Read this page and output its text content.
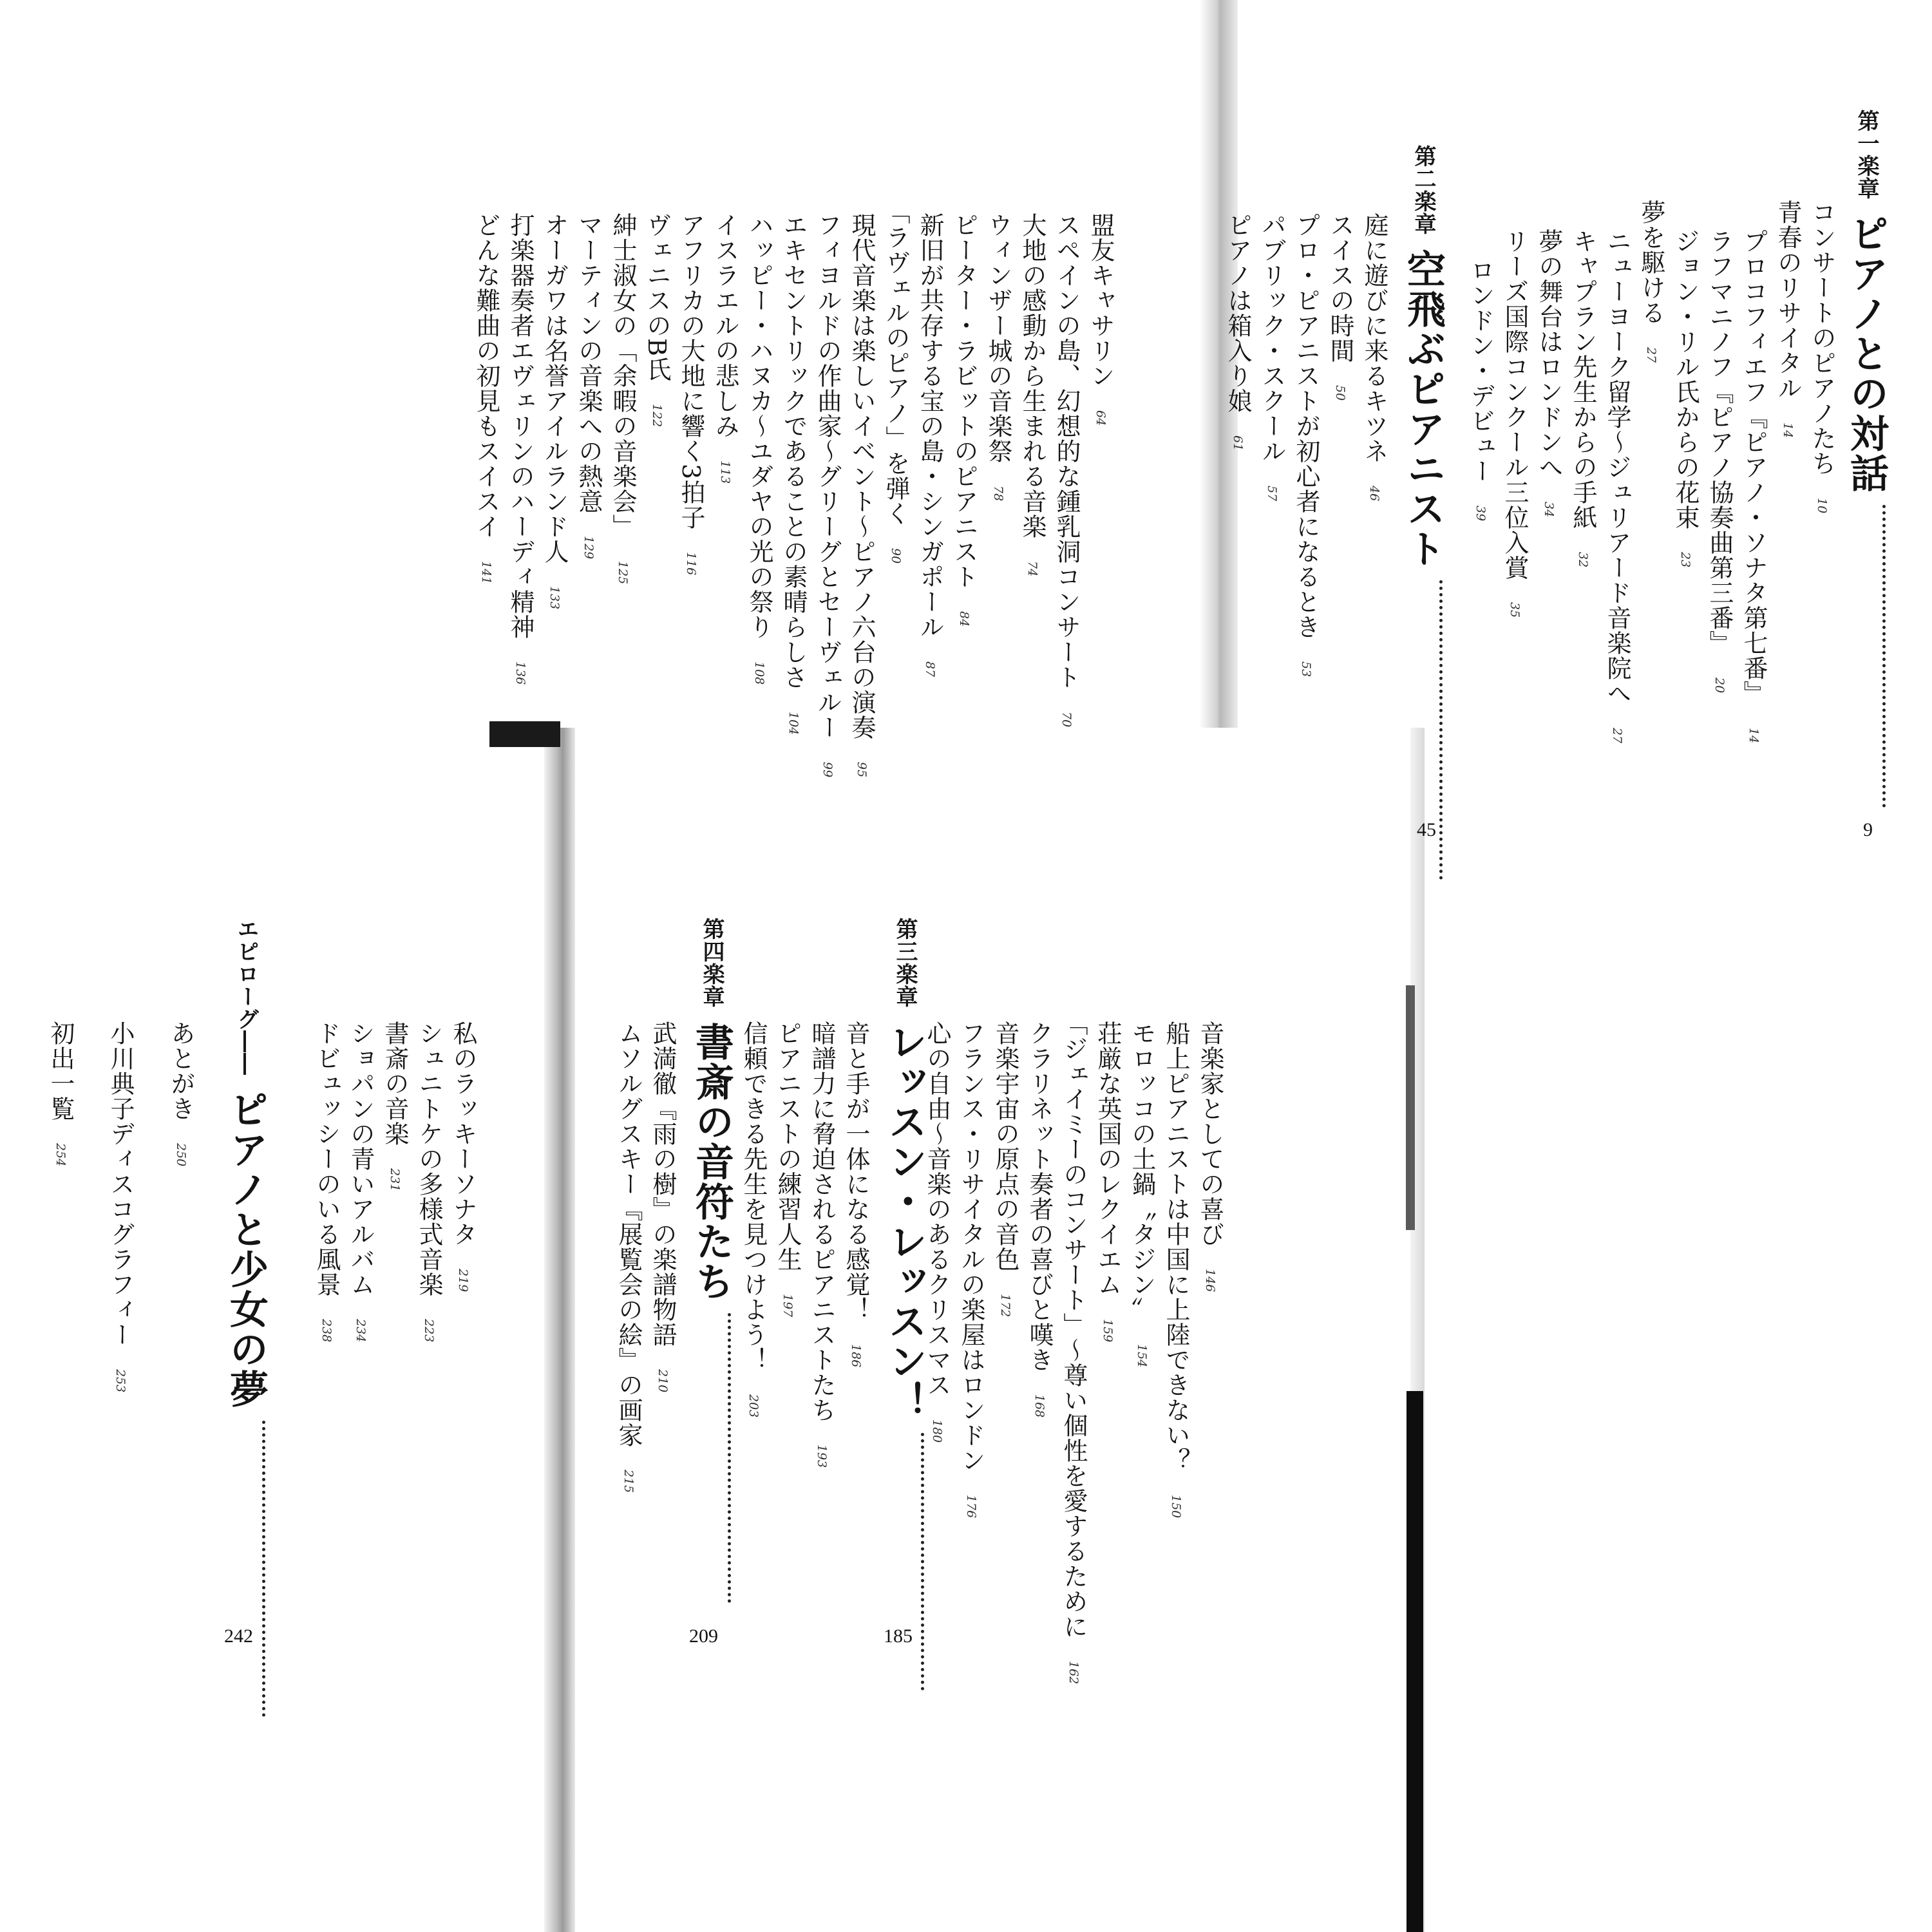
第一楽章ピアノとの対話
9
コンサートのピアノたち10
青春のリサイタル14
プロコフィエフ『ピアノ・ソナタ第七番』14
ラフマニノフ『ピアノ協奏曲第三番』20
ジョン・リル氏からの花束23
夢を駆ける27
ニューヨーク留学〜ジュリアード音楽院へ27
キャプラン先生からの手紙32
夢の舞台はロンドンへ34
リーズ国際コンクール三位入賞35
ロンドン・デビュー39
第二楽章空飛ぶピアニスト
45
庭に遊びに来るキツネ46
スイスの時間50
プロ・ピアニストが初心者になるとき53
パブリック・スクール57
ピアノは箱入り娘61
盟友キャサリン64
スペインの島、幻想的な鍾乳洞コンサート70
大地の感動から生まれる音楽74
ウィンザー城の音楽祭78
ピーター・ラビットのピアニスト84
新旧が共存する宝の島・シンガポール87
「ラヴェルのピアノ」を弾く90
現代音楽は楽しいイベント〜ピアノ六台の演奏95
フィヨルドの作曲家〜グリーグとセーヴェルー99
エキセントリックであることの素晴らしさ104
ハッピー・ハヌカ〜ユダヤの光の祭り108
イスラエルの悲しみ113
アフリカの大地に響く3拍子116
ヴェニスのB氏122
紳士淑女の「余暇の音楽会」125
マーティンの音楽への熱意129
オーガワは名誉アイルランド人133
打楽器奏者エヴェリンのハーディ精神136
どんな難曲の初見もスイスイ141
音楽家としての喜び146
船上ピアニストは中国に上陸できない？150
モロッコの土鍋〝タジン〟154
荘厳な英国のレクイエム159
「ジェイミーのコンサート」〜尊い個性を愛するために162
クラリネット奏者の喜びと嘆き168
音楽宇宙の原点の音色172
フランス・リサイタルの楽屋はロンドン176
心の自由〜音楽のあるクリスマス180
第三楽章レッスン・レッスン！
185
音と手が一体になる感覚！186
暗譜力に脅迫されるピアニストたち193
ピアニストの練習人生197
信頼できる先生を見つけよう！203
第四楽章書斎の音符たち
209
武満徹『雨の樹』の楽譜物語210
ムソルグスキー『展覧会の絵』の画家215
私のラッキーソナタ219
シュニトケの多様式音楽223
書斎の音楽231
ショパンの青いアルバム234
ドビュッシーのいる風景238
エピローグ――ピアノと少女の夢
242
あとがき250
小川典子ディスコグラフィー253
初出一覧254
